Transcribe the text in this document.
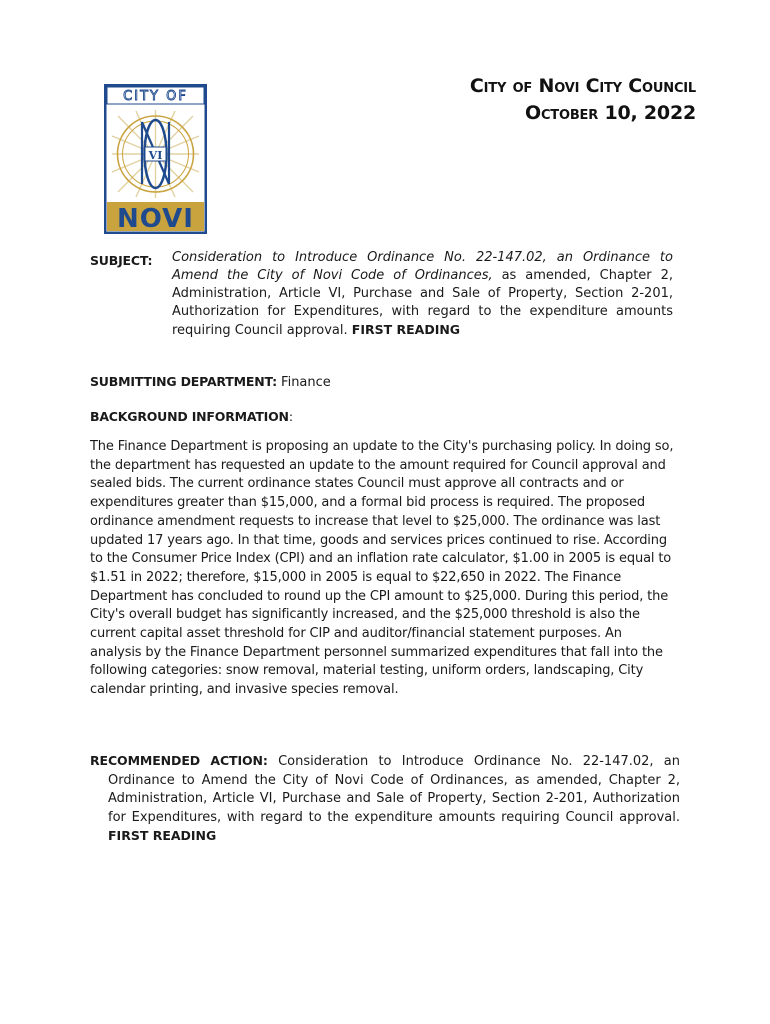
CITY OF
VI
NOVI
City of Novi City Council
October 10, 2022
SUBJECT: Consideration to Introduce Ordinance No. 22-147.02, an Ordinance to Amend the City of Novi Code of Ordinances, as amended, Chapter 2, Administration, Article VI, Purchase and Sale of Property, Section 2-201, Authorization for Expenditures, with regard to the expenditure amounts requiring Council approval. FIRST READING
SUBMITTING DEPARTMENT: Finance
BACKGROUND INFORMATION:
The Finance Department is proposing an update to the City's purchasing policy. In doing so, the department has requested an update to the amount required for Council approval and sealed bids. The current ordinance states Council must approve all contracts and or expenditures greater than $15,000, and a formal bid process is required. The proposed ordinance amendment requests to increase that level to $25,000. The ordinance was last updated 17 years ago. In that time, goods and services prices continued to rise. According to the Consumer Price Index (CPI) and an inflation rate calculator, $1.00 in 2005 is equal to $1.51 in 2022; therefore, $15,000 in 2005 is equal to $22,650 in 2022. The Finance Department has concluded to round up the CPI amount to $25,000. During this period, the City's overall budget has significantly increased, and the $25,000 threshold is also the current capital asset threshold for CIP and auditor/financial statement purposes. An analysis by the Finance Department personnel summarized expenditures that fall into the following categories: snow removal, material testing, uniform orders, landscaping, City calendar printing, and invasive species removal.
RECOMMENDED ACTION: Consideration to Introduce Ordinance No. 22-147.02, an Ordinance to Amend the City of Novi Code of Ordinances, as amended, Chapter 2, Administration, Article VI, Purchase and Sale of Property, Section 2-201, Authorization for Expenditures, with regard to the expenditure amounts requiring Council approval. FIRST READING
